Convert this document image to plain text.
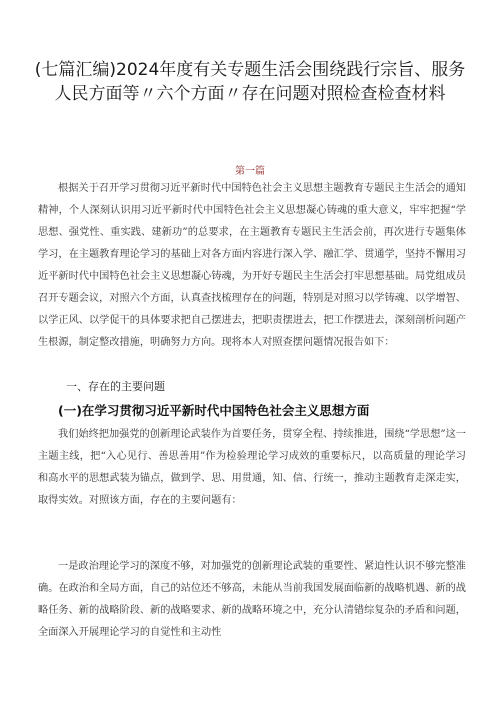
(七篇汇编)2024年度有关专题生活会围绕践行宗旨、服务人民方面等〃六个方面〃存在问题对照检查检查材料
第一篇

根据关于召开学习贯彻习近平新时代中国特色社会主义思想主题教育专题民主生活会的通知精神，个人深刻认识用习近平新时代中国特色社会主义思想凝心铸魂的重大意义，牢牢把握“学思想、强党性、重实践、建新功”的总要求，在主题教育专题民主生活会前，再次进行专题集体学习，在主题教育理论学习的基础上对各方面内容进行深入学、融汇学、贯通学，坚持不懈用习近平新时代中国特色社会主义思想凝心铸魂，为开好专题民主生活会打牢思想基础。局党组成员召开专题会议，对照六个方面，认真查找梳理存在的问题，特别是对照习以学铸魂、以学增智、以学正风、以学促干的具体要求把自己摆进去，把职责摆进去，把工作摆进去，深刻剖析问题产生根源，制定整改措施，明确努力方向。现将本人对照查摆问题情况报告如下：

一、存在的主要问题
(一)在学习贯彻习近平新时代中国特色社会主义思想方面

我们始终把加强党的创新理论武装作为首要任务，贯穿全程、持续推进，围绕“学思想”这一主题主线，把“入心见行、善思善用”作为检验理论学习成效的重要标尺，以高质量的理论学习和高水平的思想武装为锚点，做到学、思、用贯通，知、信、行统一，推动主题教育走深走实，取得实效。对照该方面，存在的主要问题有：

一是政治理论学习的深度不够，对加强党的创新理论武装的重要性、紧迫性认识不够完整准确。在政治和全局方面，自己的站位还不够高，未能从当前我国发展面临新的战略机遇、新的战略任务、新的战略阶段、新的战略要求、新的战略环境之中，充分认清错综复杂的矛盾和问题，全面深入开展理论学习的自觉性和主动性
